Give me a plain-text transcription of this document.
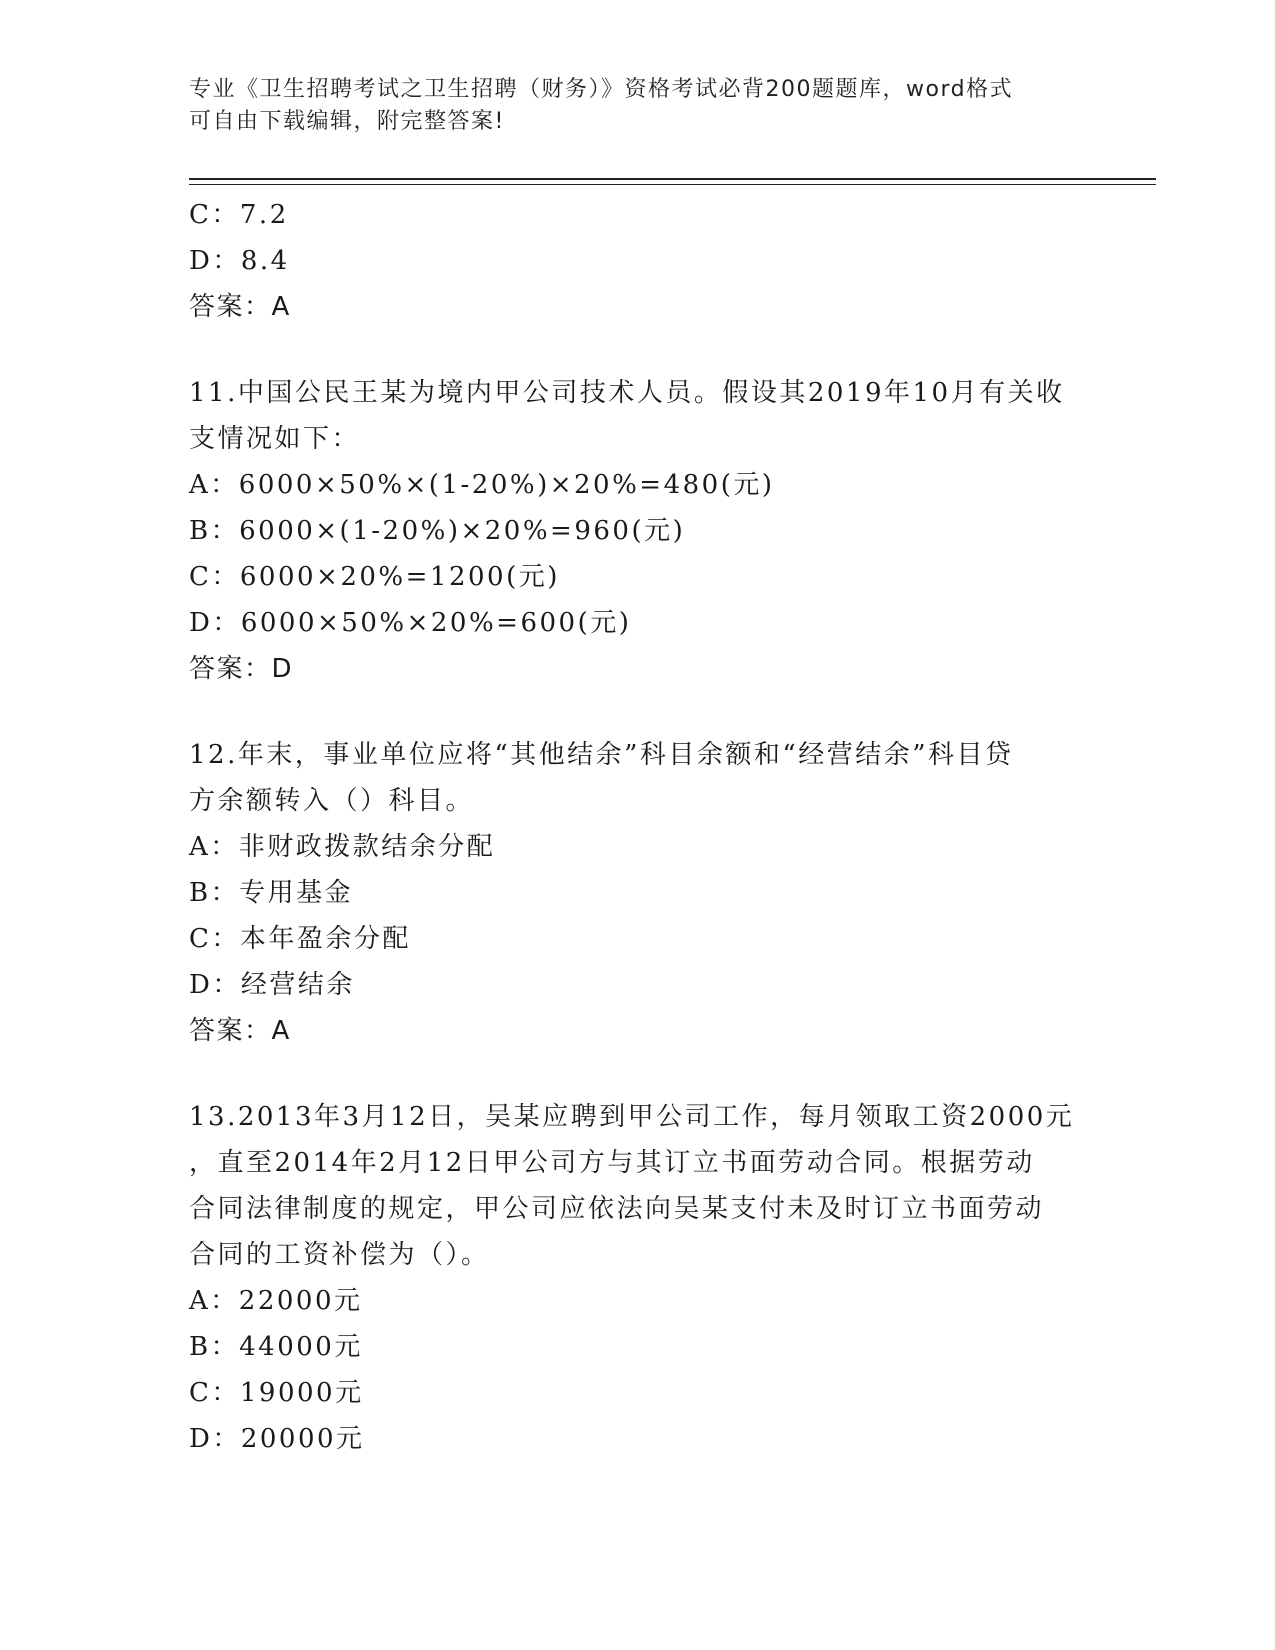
专业《卫生招聘考试之卫生招聘（财务）》资格考试必背200题题库，word格式
可自由下载编辑，附完整答案!
C：7.2
D：8.4
答案：A
11.中国公民王某为境内甲公司技术人员。假设其2019年10月有关收
支情况如下：
A：6000×50%×(1-20%)×20%=480(元)
B：6000×(1-20%)×20%=960(元)
C：6000×20%=1200(元)
D：6000×50%×20%=600(元)
答案：D
12.年末，事业单位应将“其他结余”科目余额和“经营结余”科目贷
方余额转入（）科目。
A：非财政拨款结余分配
B：专用基金
C：本年盈余分配
D：经营结余
答案：A
13.2013年3月12日，吴某应聘到甲公司工作，每月领取工资2000元
，直至2014年2月12日甲公司方与其订立书面劳动合同。根据劳动
合同法律制度的规定，甲公司应依法向吴某支付未及时订立书面劳动
合同的工资补偿为（）。
A：22000元
B：44000元
C：19000元
D：20000元
